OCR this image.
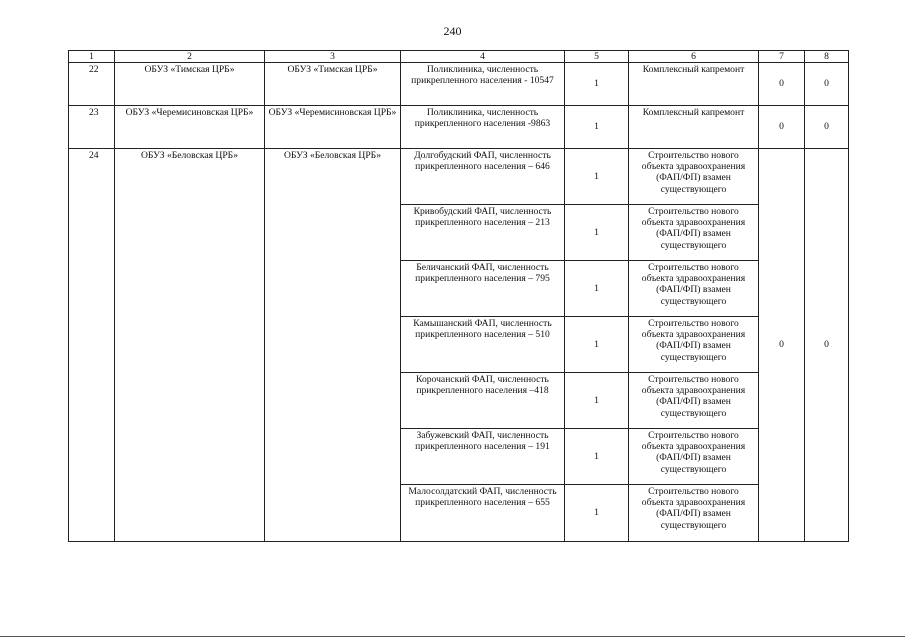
240
1	2	3	4	5	6	7	8
22	ОБУЗ «Тимская ЦРБ»	ОБУЗ «Тимская ЦРБ»	Поликлиника, численность прикрепленного населения - 10547	1	Комплексный капремонт	0	0
23	ОБУЗ «Черемисиновская ЦРБ»	ОБУЗ «Черемисиновская ЦРБ»	Поликлиника, численность прикрепленного населения -9863	1	Комплексный капремонт	0	0
24	ОБУЗ «Беловская ЦРБ»	ОБУЗ «Беловская ЦРБ»	Долгобудский ФАП, численность прикрепленного населения – 646	1	Строительство нового объекта здравоохранения (ФАП/ФП) взамен существующего	0	0
			Кривобудский ФАП, численность прикрепленного населения – 213	1	Строительство нового объекта здравоохранения (ФАП/ФП) взамен существующего		
			Беличанский ФАП, численность прикрепленного населения – 795	1	Строительство нового объекта здравоохранения (ФАП/ФП) взамен существующего		
			Камышанский ФАП, численность прикрепленного населения – 510	1	Строительство нового объекта здравоохранения (ФАП/ФП) взамен существующего		
			Корочанский ФАП, численность прикрепленного населения –418	1	Строительство нового объекта здравоохранения (ФАП/ФП) взамен существующего		
			Забужевский ФАП, численность прикрепленного населения – 191	1	Строительство нового объекта здравоохранения (ФАП/ФП) взамен существующего		
			Малосолдатский ФАП, численность прикрепленного населения – 655	1	Строительство нового объекта здравоохранения (ФАП/ФП) взамен существующего		
